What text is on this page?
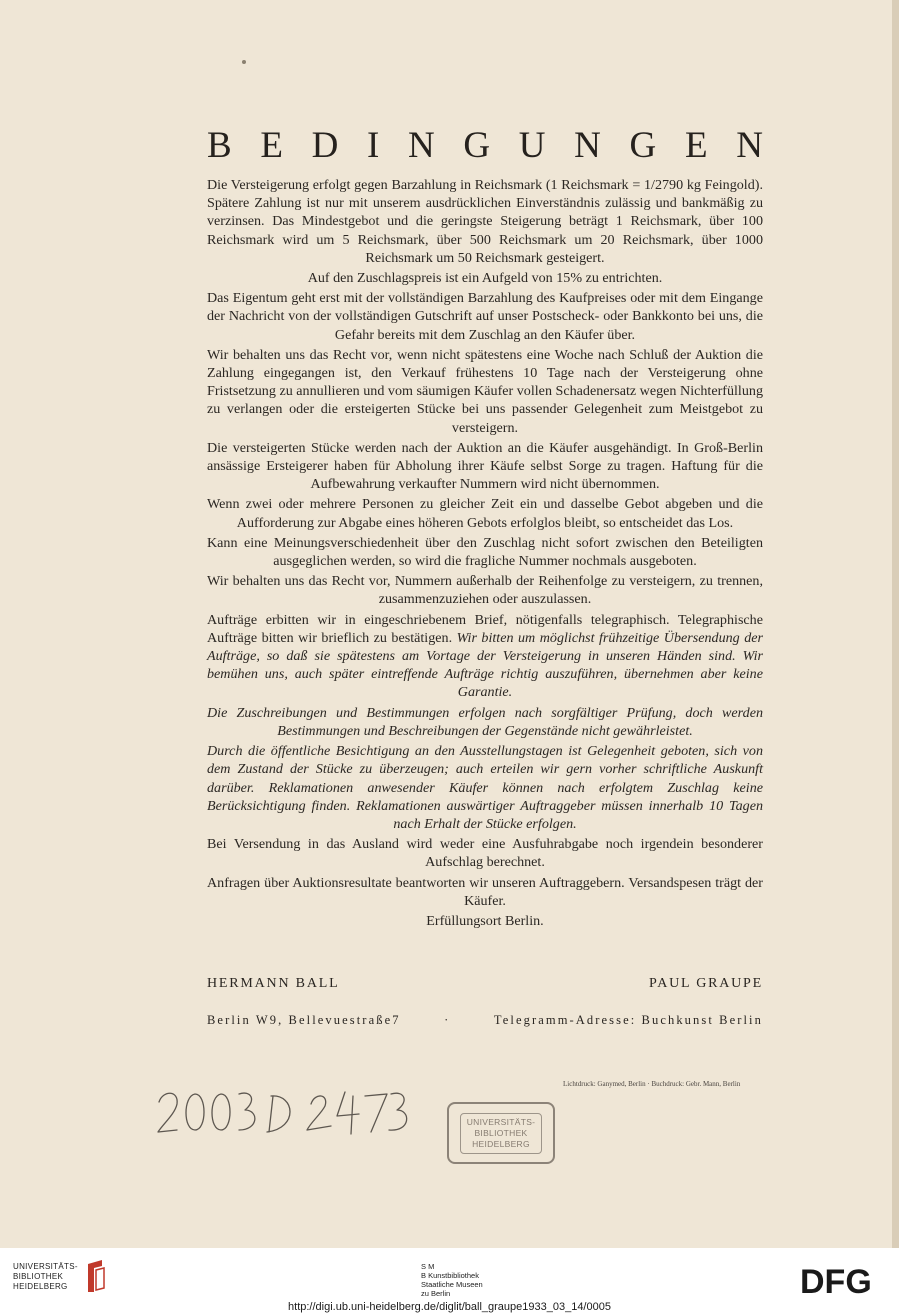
B E D I N G U N G E N

Die Versteigerung erfolgt gegen Barzahlung in Reichsmark (1 Reichsmark = 1/2790 kg Feingold). Spätere Zahlung ist nur mit unserem ausdrücklichen Einverständnis zulässig und bankmäßig zu verzinsen. Das Mindestgebot und die geringste Steigerung beträgt 1 Reichsmark, über 100 Reichsmark wird um 5 Reichsmark, über 500 Reichsmark um 20 Reichsmark, über 1000 Reichsmark um 50 Reichsmark gesteigert.

Auf den Zuschlagspreis ist ein Aufgeld von 15% zu entrichten.

Das Eigentum geht erst mit der vollständigen Barzahlung des Kaufpreises oder mit dem Eingange der Nachricht von der vollständigen Gutschrift auf unser Postscheck- oder Bankkonto bei uns, die Gefahr bereits mit dem Zuschlag an den Käufer über.

Wir behalten uns das Recht vor, wenn nicht spätestens eine Woche nach Schluß der Auktion die Zahlung eingegangen ist, den Verkauf frühestens 10 Tage nach der Versteigerung ohne Fristsetzung zu annullieren und vom säumigen Käufer vollen Schadenersatz wegen Nichterfüllung zu verlangen oder die ersteigerten Stücke bei uns passender Gelegenheit zum Meistgebot zu versteigern.

Die versteigerten Stücke werden nach der Auktion an die Käufer ausgehändigt. In Groß-Berlin ansässige Ersteigerer haben für Abholung ihrer Käufe selbst Sorge zu tragen. Haftung für die Aufbewahrung verkaufter Nummern wird nicht übernommen.

Wenn zwei oder mehrere Personen zu gleicher Zeit ein und dasselbe Gebot abgeben und die Aufforderung zur Abgabe eines höheren Gebots erfolglos bleibt, so entscheidet das Los.

Kann eine Meinungsverschiedenheit über den Zuschlag nicht sofort zwischen den Beteiligten ausgeglichen werden, so wird die fragliche Nummer nochmals ausgeboten.

Wir behalten uns das Recht vor, Nummern außerhalb der Reihenfolge zu versteigern, zu trennen, zusammenzuziehen oder auszulassen.

Aufträge erbitten wir in eingeschriebenem Brief, nötigenfalls telegraphisch. Telegraphische Aufträge bitten wir brieflich zu bestätigen. Wir bitten um möglichst frühzeitige Übersendung der Aufträge, so daß sie spätestens am Vortage der Versteigerung in unseren Händen sind. Wir bemühen uns, auch später eintreffende Aufträge richtig auszuführen, übernehmen aber keine Garantie.

Die Zuschreibungen und Bestimmungen erfolgen nach sorgfältiger Prüfung, doch werden Bestimmungen und Beschreibungen der Gegenstände nicht gewährleistet.

Durch die öffentliche Besichtigung an den Ausstellungstagen ist Gelegenheit geboten, sich von dem Zustand der Stücke zu überzeugen; auch erteilen wir gern vorher schriftliche Auskunft darüber. Reklamationen anwesender Käufer können nach erfolgtem Zuschlag keine Berücksichtigung finden. Reklamationen auswärtiger Auftraggeber müssen innerhalb 10 Tagen nach Erhalt der Stücke erfolgen.

Bei Versendung in das Ausland wird weder eine Ausfuhrabgabe noch irgendein besonderer Aufschlag berechnet.

Anfragen über Auktionsresultate beantworten wir unseren Auftraggebern. Versandspesen trägt der Käufer.

Erfüllungsort Berlin.

HERMANN BALL	PAUL GRAUPE
Berlin W9, Bellevuestraße7	·	Telegramm-Adresse: Buchkunst Berlin
Lichtdruck: Ganymed, Berlin · Buchdruck: Gebr. Mann, Berlin
UNIVERSITÄTS-
BIBLIOTHEK
HEIDELBERG
UNIVERSITÄTS-
BIBLIOTHEK
HEIDELBERG
S M
B Kunstbibliothek
Staatliche Museen
zu Berlin	DFG
http://digi.ub.uni-heidelberg.de/diglit/ball_graupe1933_03_14/0005
